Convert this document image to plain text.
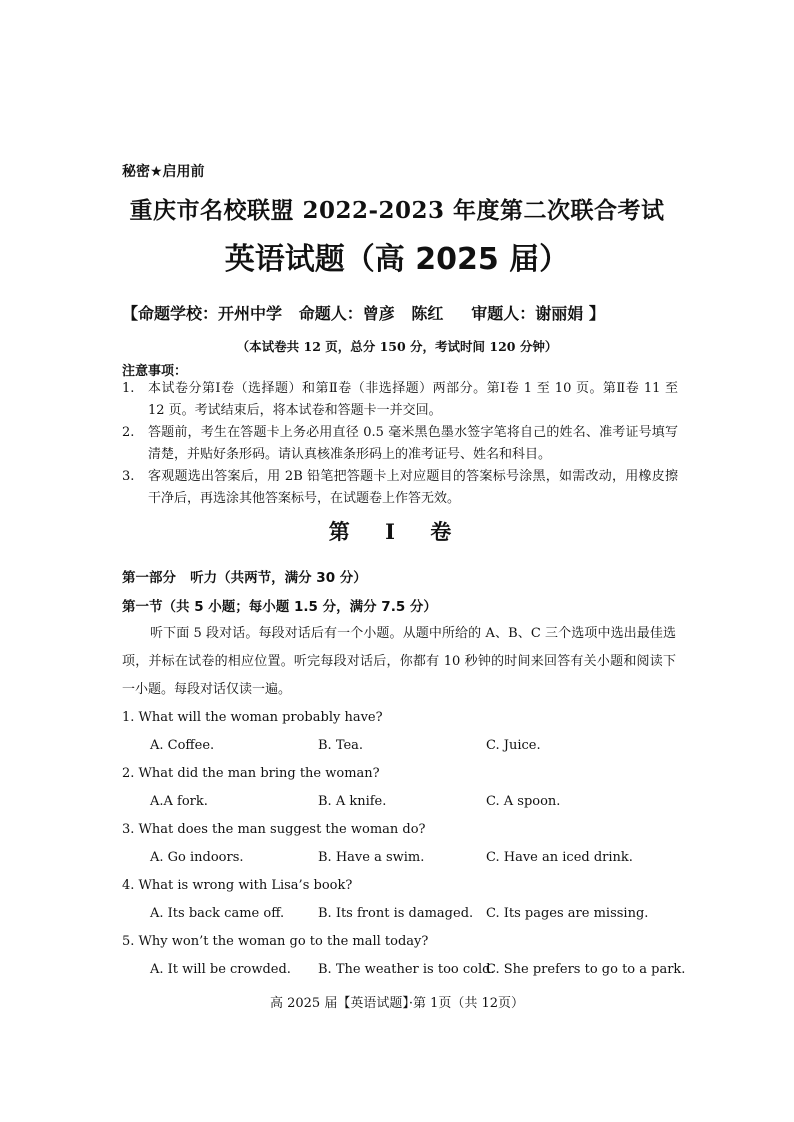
秘密★启用前
重庆市名校联盟 2022-2023 年度第二次联合考试
英语试题（高 2025 届）
【命题学校：开州中学   命题人：曾彦   陈红     审题人：谢丽娟 】
（本试卷共 12 页，总分 150 分，考试时间 120 分钟）
注意事项：
1.	本试卷分第Ⅰ卷（选择题）和第Ⅱ卷（非选择题）两部分。第Ⅰ卷 1 至 10 页。第Ⅱ卷 11 至 12 页。考试结束后，将本试卷和答题卡一并交回。
2.	答题前，考生在答题卡上务必用直径 0.5 毫米黑色墨水签字笔将自己的姓名、准考证号填写清楚，并贴好条形码。请认真核准条形码上的准考证号、姓名和科目。
3.	客观题选出答案后，用 2B 铅笔把答题卡上对应题目的答案标号涂黑，如需改动，用橡皮擦干净后，再选涂其他答案标号，在试题卷上作答无效。
第 Ⅰ 卷
第一部分   听力（共两节，满分 30 分）
第一节（共 5 小题；每小题 1.5 分，满分 7.5 分）
听下面 5 段对话。每段对话后有一个小题。从题中所给的 A、B、C 三个选项中选出最佳选项，并标在试卷的相应位置。听完每段对话后，你都有 10 秒钟的时间来回答有关小题和阅读下一小题。每段对话仅读一遍。
1. What will the woman probably have?
A. Coffee.	B. Tea.	C. Juice.
2. What did the man bring the woman?
A.A fork.	B. A knife.	C. A spoon.
3. What does the man suggest the woman do?
A. Go indoors.	B. Have a swim.	C. Have an iced drink.
4. What is wrong with Lisa’s book?
A. Its back came off.	B. Its front is damaged. C. Its pages are missing.
5. Why won’t the woman go to the mall today?
A. It will be crowded. B. The weather is too cold.
C. She prefers to go to a park.
高 2025 届【英语试题】·第 1页（共 12页）
